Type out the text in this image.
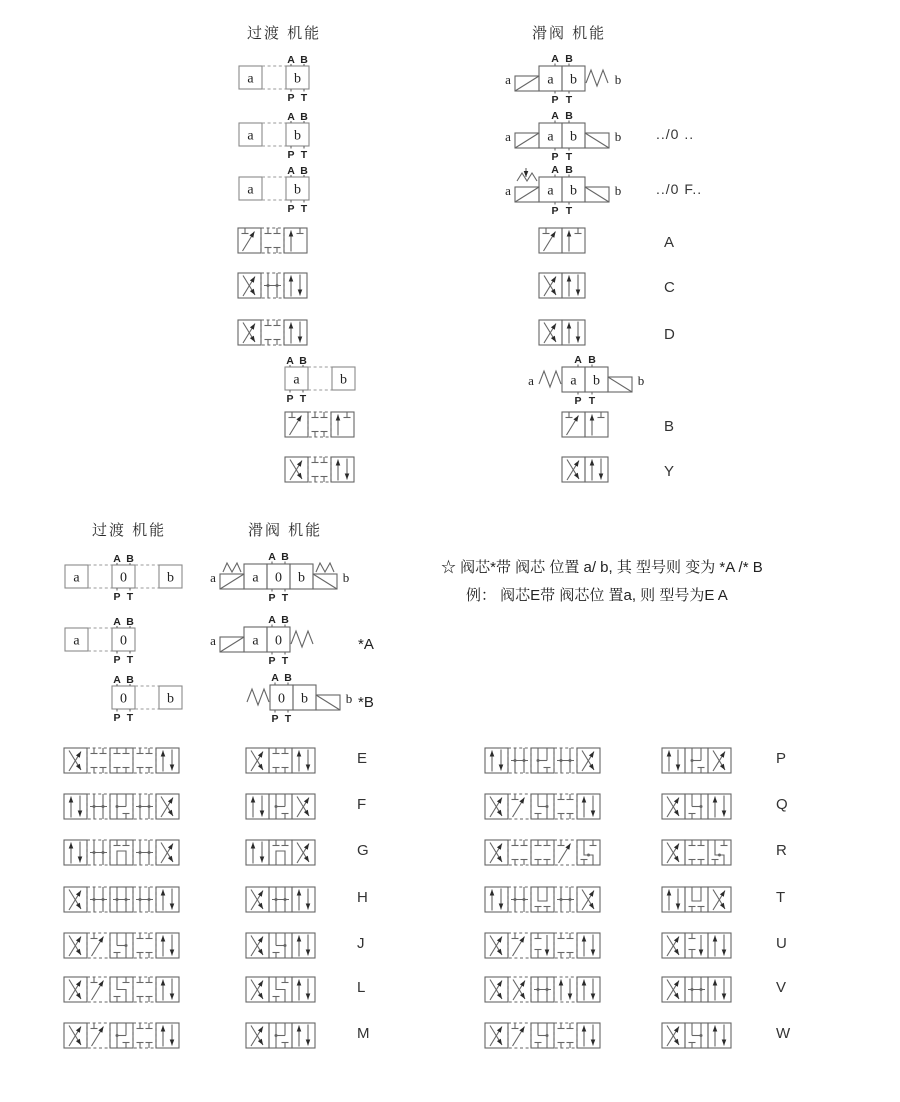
过渡 机能	滑阀 机能
a	b
A B
P T
a b
A B
P T
a	b
a	b
A B
P T
a b
A B
P T
a	b ../0 ..
a	b
A B
P T
a b
A B
P T
a	b ../0 F..
A
C
D
a	b
A B
P T
a b
A B
P T
a	b
B
Y
过渡 机能	滑阀 机能
a	0	b
A B
P T
a 0 b
A B
P T
a	b
☆ 阀芯*带 阀芯 位置 a/ b, 其 型号则 变为 *A /* B
例： 阀芯E带 阀芯位 置a, 则 型号为E A
a	0
A B
P T
a 0
A B
P T
a	*A
0	b
A B
P T
0 b
A B
P T
b *B
E
F
G
H
J
L
M
P
Q
R
T
U
V
W
